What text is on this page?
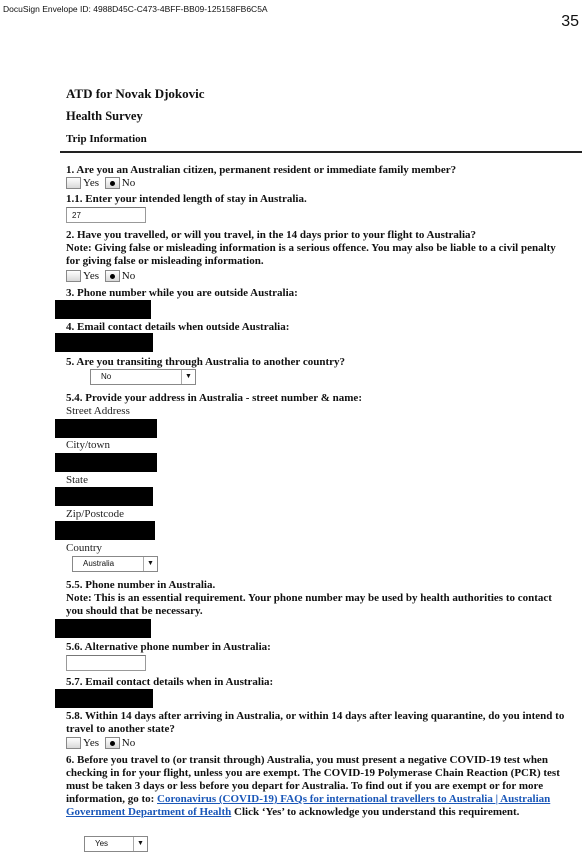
DocuSign Envelope ID: 4988D45C-C473-4BFF-BB09-125158FB6C5A
35
ATD for Novak Djokovic
Health Survey
Trip Information
1. Are you an Australian citizen, permanent resident or immediate family member?
Yes No
1.1. Enter your intended length of stay in Australia.
27
2. Have you travelled, or will you travel, in the 14 days prior to your flight to Australia?
Note: Giving false or misleading information is a serious offence. You may also be liable to a civil penalty for giving false or misleading information.
Yes No
3. Phone number while you are outside Australia:
4. Email contact details when outside Australia:
5. Are you transiting through Australia to another country?
No	▼
5.4. Provide your address in Australia - street number & name:
Street Address
City/town
State
Zip/Postcode
Country
Australia	▼
5.5. Phone number in Australia.
Note: This is an essential requirement. Your phone number may be used by health authorities to contact you should that be necessary.
5.6. Alternative phone number in Australia:
5.7. Email contact details when in Australia:
5.8. Within 14 days after arriving in Australia, or within 14 days after leaving quarantine, do you intend to travel to another state?
Yes No
6. Before you travel to (or transit through) Australia, you must present a negative COVID-19 test when checking in for your flight, unless you are exempt. The COVID-19 Polymerase Chain Reaction (PCR) test must be taken 3 days or less before you depart for Australia. To find out if you are exempt or for more information, go to: Coronavirus (COVID-19) FAQs for international travellers to Australia | Australian Government Department of Health Click ‘Yes’ to acknowledge you understand this requirement.
Yes	▼
